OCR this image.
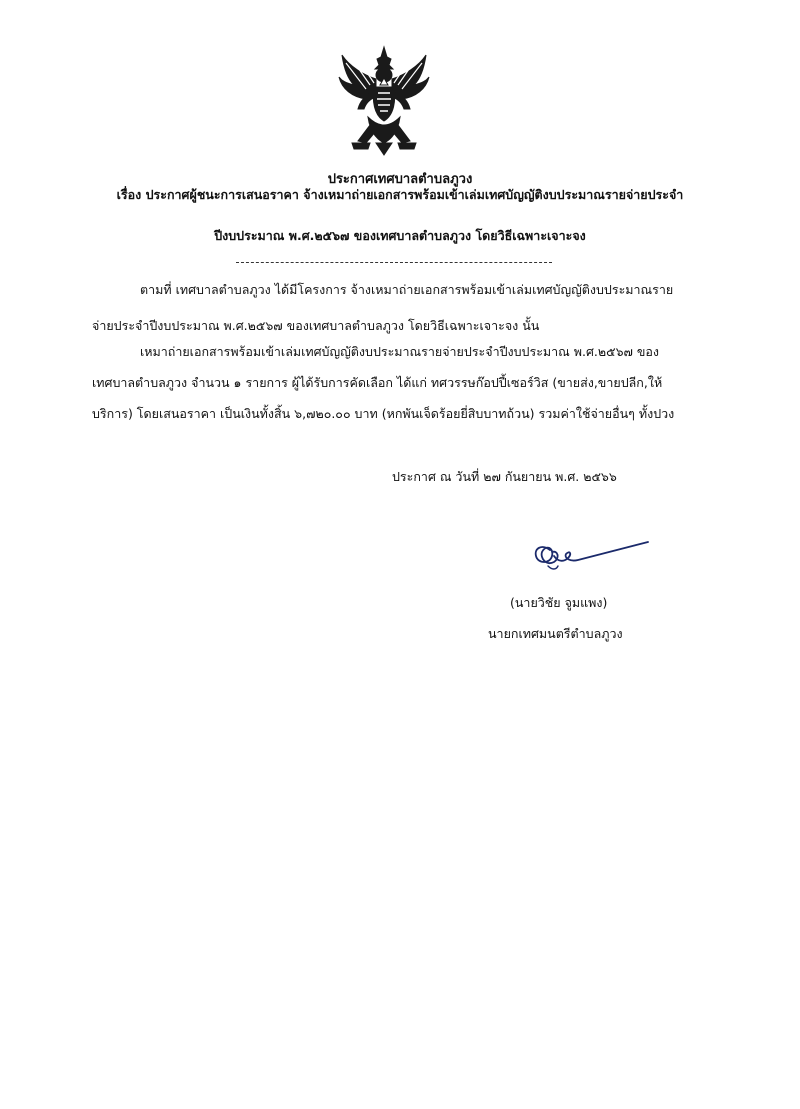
ประกาศเทศบาลตำบลภูวง
เรื่อง ประกาศผู้ชนะการเสนอราคา จ้างเหมาถ่ายเอกสารพร้อมเข้าเล่มเทศบัญญัติงบประมาณรายจ่ายประจำ
ปีงบประมาณ พ.ศ.๒๕๖๗ ของเทศบาลตำบลภูวง โดยวิธีเฉพาะเจาะจง
ตามที่ เทศบาลตำบลภูวง ได้มีโครงการ จ้างเหมาถ่ายเอกสารพร้อมเข้าเล่มเทศบัญญัติงบประมาณราย
จ่ายประจำปีงบประมาณ พ.ศ.๒๕๖๗ ของเทศบาลตำบลภูวง โดยวิธีเฉพาะเจาะจง นั้น
เหมาถ่ายเอกสารพร้อมเข้าเล่มเทศบัญญัติงบประมาณรายจ่ายประจำปีงบประมาณ พ.ศ.๒๕๖๗ ของ
เทศบาลตำบลภูวง จำนวน ๑ รายการ ผู้ได้รับการคัดเลือก ได้แก่ ทศวรรษก๊อปปี้เซอร์วิส (ขายส่ง,ขายปลีก,ให้
บริการ) โดยเสนอราคา เป็นเงินทั้งสิ้น ๖,๗๒๐.๐๐ บาท (หกพันเจ็ดร้อยยี่สิบบาทถ้วน) รวมค่าใช้จ่ายอื่นๆ ทั้งปวง
ประกาศ ณ วันที่ ๒๗ กันยายน พ.ศ. ๒๕๖๖
(นายวิชัย จูมแพง)
นายกเทศมนตรีตำบลภูวง
